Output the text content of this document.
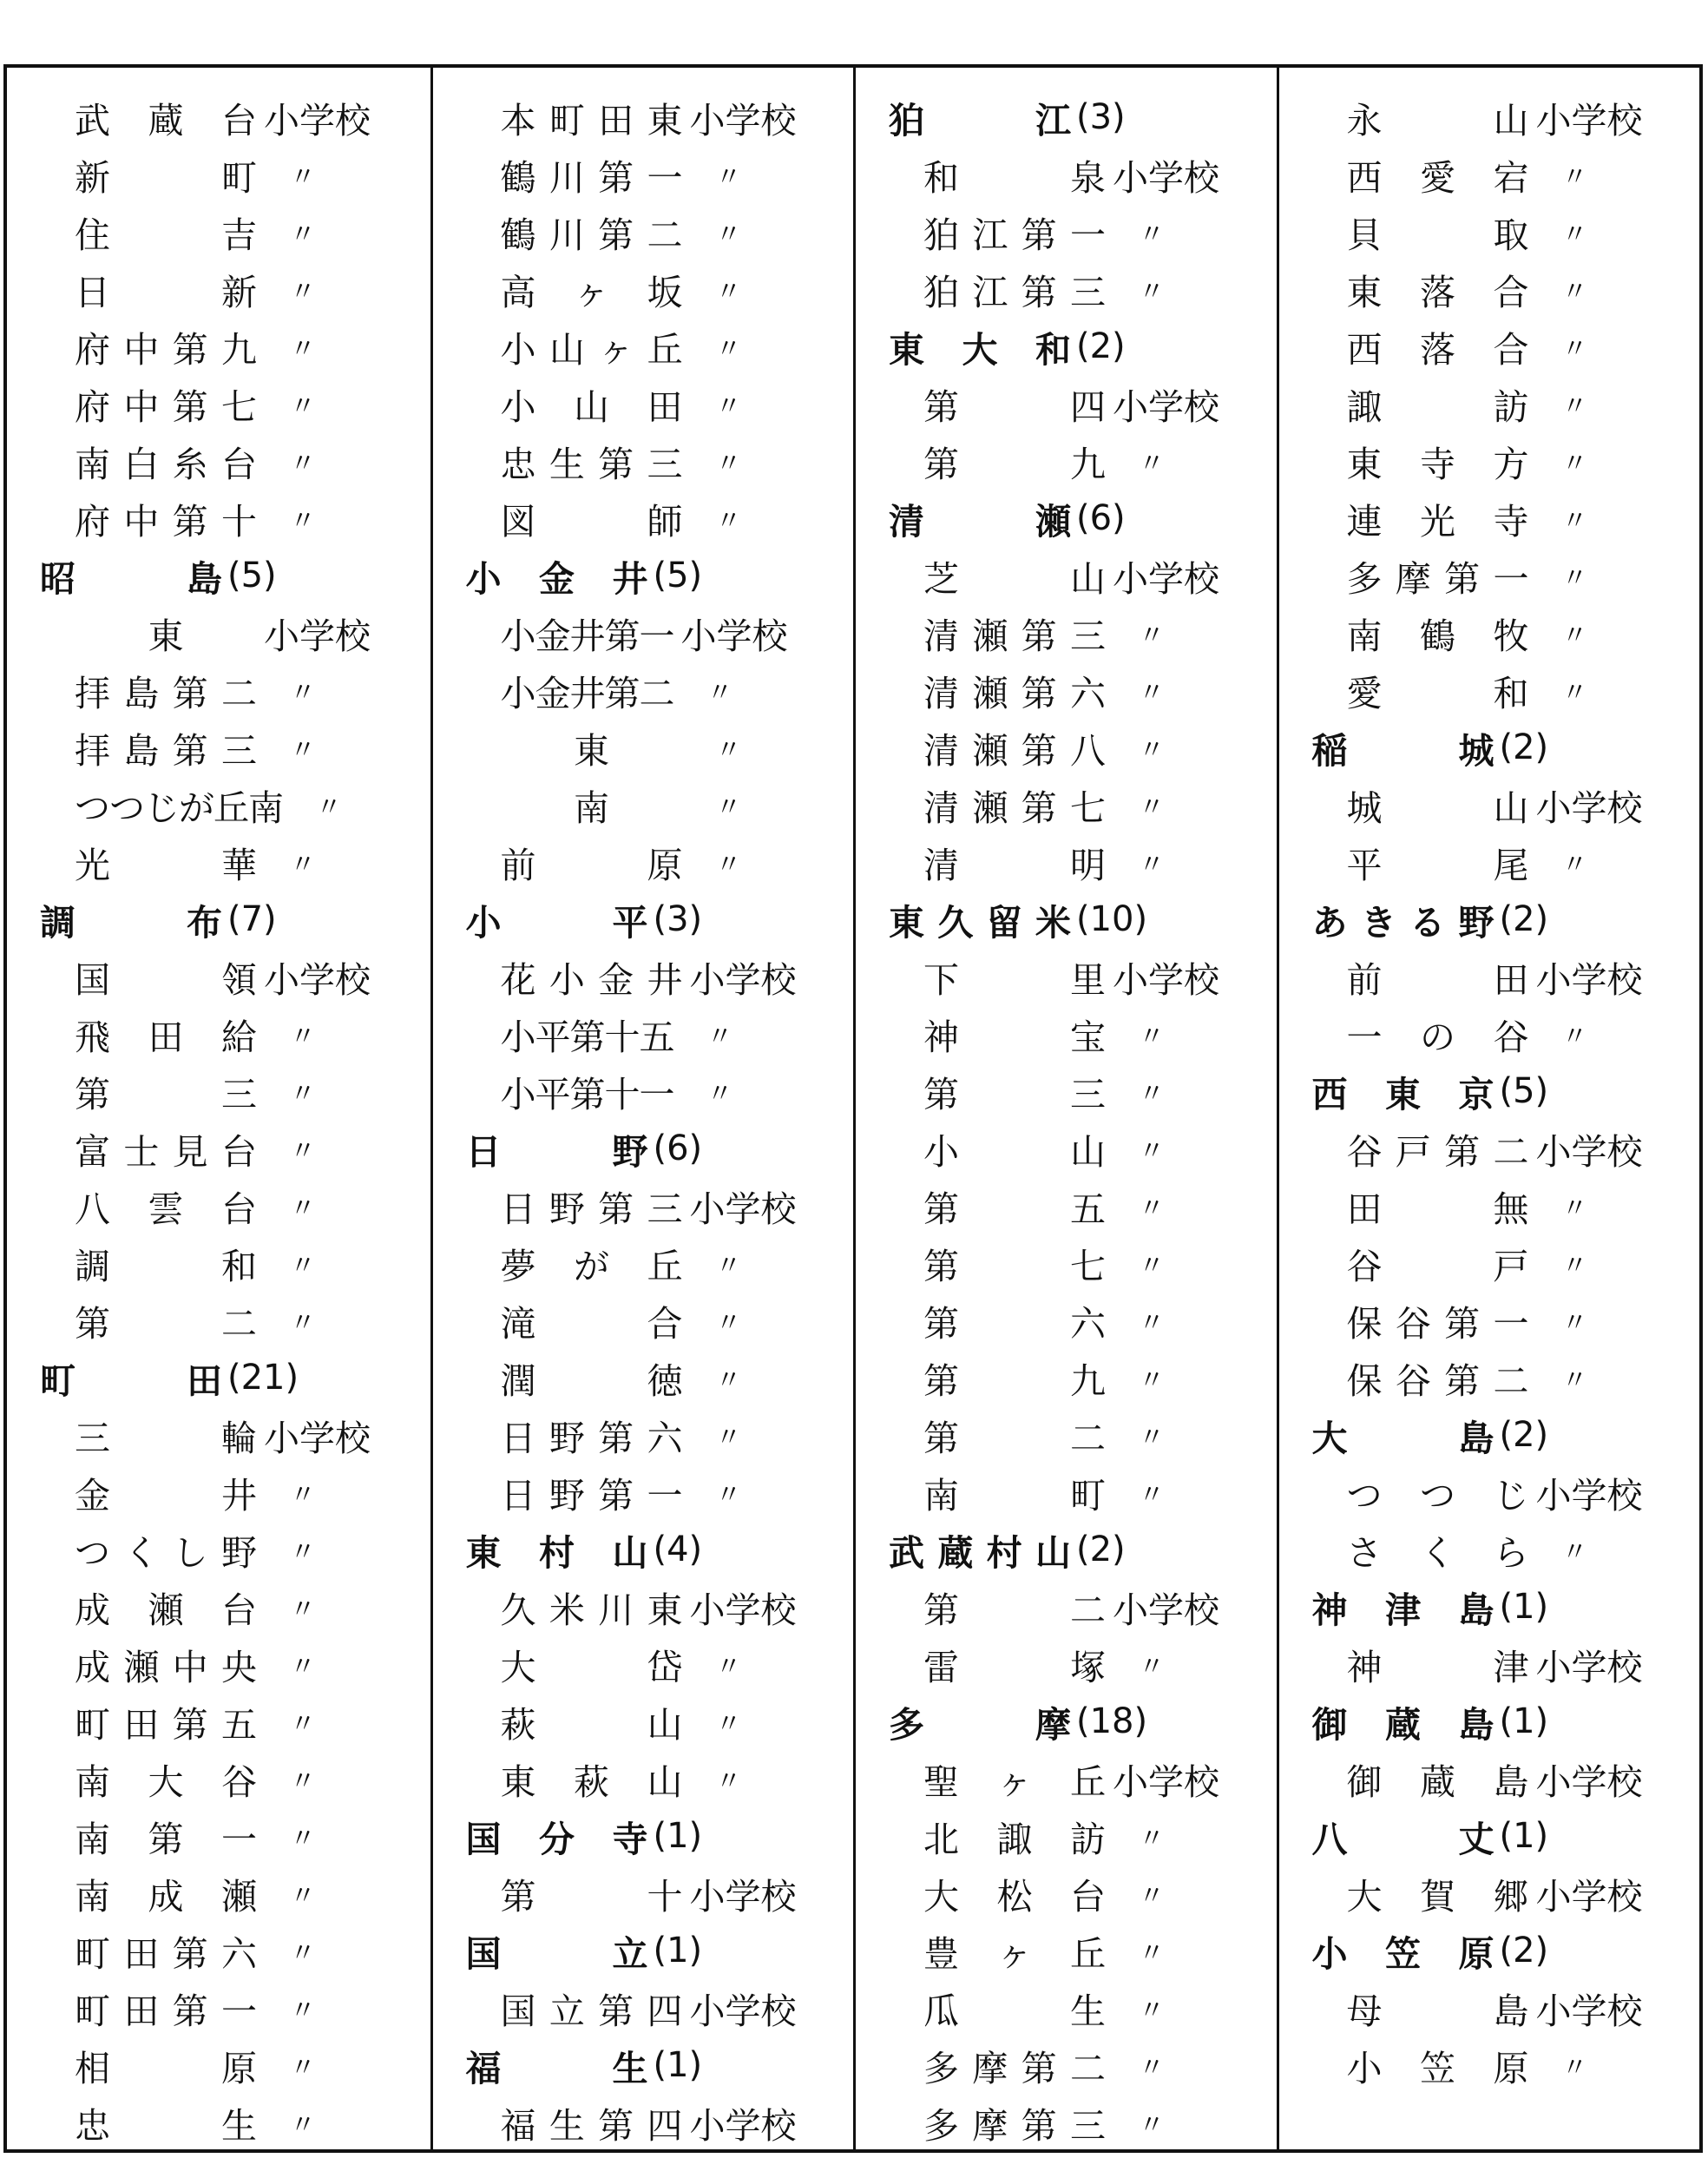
武 蔵 台 小学校
新	町 〃
住	吉 〃
日	新 〃
府 中 第 九 〃
府 中 第 七 〃
南 白 糸 台 〃
府 中 第 十 〃
昭	島 (5)
東	小学校
拝 島 第 二 〃
拝 島 第 三 〃
つつじが丘南 〃
光	華 〃
調	布 (7)
国	領 小学校
飛 田 給 〃
第	三 〃
富 士 見 台 〃
八 雲 台 〃
調	和 〃
第	二 〃
町	田 (21)
三	輪 小学校
金	井 〃
つ く し 野 〃
成 瀬 台 〃
成 瀬 中 央 〃
町 田 第 五 〃
南 大 谷 〃
南 第 一 〃
南 成 瀬 〃
町 田 第 六 〃
町 田 第 一 〃
相	原 〃
忠	生 〃
本 町 田 東 小学校
鶴 川 第 一 〃
鶴 川 第 二 〃
高 ヶ 坂 〃
小 山 ヶ 丘 〃
小 山 田 〃
忠 生 第 三 〃
図	師 〃
小 金 井 (5)
小金井第一 小学校
小金井第二 〃
東	〃
南	〃
前	原 〃
小	平 (3)
花 小 金 井 小学校
小平第十五 〃
小平第十一 〃
日	野 (6)
日 野 第 三 小学校
夢 が 丘 〃
滝	合 〃
潤	徳 〃
日 野 第 六 〃
日 野 第 一 〃
東 村 山 (4)
久 米 川 東 小学校
大	岱 〃
萩	山 〃
東 萩 山 〃
国 分 寺 (1)
第	十 小学校
国	立 (1)
国 立 第 四 小学校
福	生 (1)
福 生 第 四 小学校
狛	江 (3)
和	泉 小学校
狛 江 第 一 〃
狛 江 第 三 〃
東 大 和 (2)
第	四 小学校
第	九 〃
清	瀬 (6)
芝	山 小学校
清 瀬 第 三 〃
清 瀬 第 六 〃
清 瀬 第 八 〃
清 瀬 第 七 〃
清	明 〃
東 久 留 米 (10)
下	里 小学校
神	宝 〃
第	三 〃
小	山 〃
第	五 〃
第	七 〃
第	六 〃
第	九 〃
第	二 〃
南	町 〃
武 蔵 村 山 (2)
第	二 小学校
雷	塚 〃
多	摩 (18)
聖 ヶ 丘 小学校
北 諏 訪 〃
大 松 台 〃
豊 ヶ 丘 〃
瓜	生 〃
多 摩 第 二 〃
多 摩 第 三 〃
永	山 小学校
西 愛 宕 〃
貝	取 〃
東 落 合 〃
西 落 合 〃
諏	訪 〃
東 寺 方 〃
連 光 寺 〃
多 摩 第 一 〃
南 鶴 牧 〃
愛	和 〃
稲	城 (2)
城	山 小学校
平	尾 〃
あ き る 野 (2)
前	田 小学校
一 の 谷 〃
西 東 京 (5)
谷 戸 第 二 小学校
田	無 〃
谷	戸 〃
保 谷 第 一 〃
保 谷 第 二 〃
大	島 (2)
つ つ じ 小学校
さ く ら 〃
神 津 島 (1)
神	津 小学校
御 蔵 島 (1)
御 蔵 島 小学校
八	丈 (1)
大 賀 郷 小学校
小 笠 原 (2)
母	島 小学校
小 笠 原 〃
